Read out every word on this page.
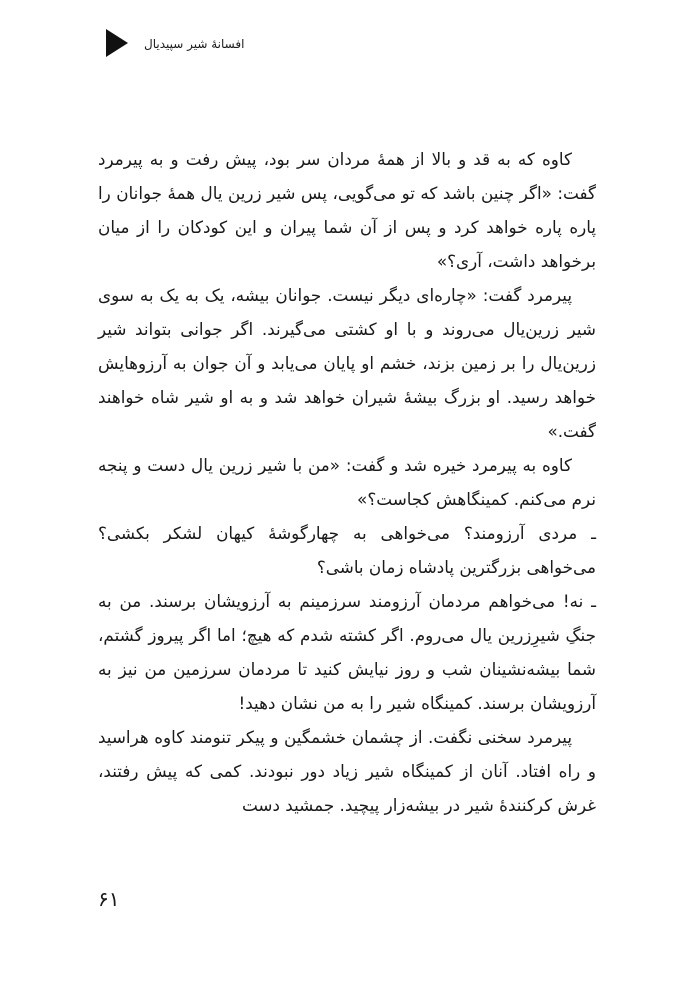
افسانهٔ شیر سپیدیال

کاوه که به قد و بالا از همهٔ مردان سر بود، پیش رفت و به پیرمرد گفت: «اگر چنین باشد که تو می‌گویی، پس شیر زرین یال همهٔ جوانان را پاره پاره خواهد کرد و پس از آن شما پیران و این کودکان را از میان برخواهد داشت، آری؟»

پیرمرد گفت: «چاره‌ای دیگر نیست. جوانان بیشه، یک به یک به سوی شیر زرین‌یال می‌روند و با او کشتی می‌گیرند. اگر جوانی بتواند شیر زرین‌یال را بر زمین بزند، خشم او پایان می‌یابد و آن جوان به آرزوهایش خواهد رسید. او بزرگ بیشهٔ شیران خواهد شد و به او شیر شاه خواهند گفت.»

کاوه به پیرمرد خیره شد و گفت: «من با شیر زرین یال دست و پنجه نرم می‌کنم. کمینگاهش کجاست؟»

ـ مردی آرزومند؟ می‌خواهی به چهارگوشهٔ کیهان لشکر بکشی؟ می‌خواهی بزرگترین پادشاه زمان باشی؟

ـ نه! می‌خواهم مردمان آرزومند سرزمینم به آرزویشان برسند. من به جنگِ شیرِزرین یال می‌روم. اگر کشته شدم که هیچ؛ اما اگر پیروز گشتم، شما بیشه‌نشینان شب و روز نیایش کنید تا مردمان سرزمین من نیز به آرزویشان برسند. کمینگاه شیر را به من نشان دهید!

پیرمرد سخنی نگفت. از چشمان خشمگین و پیکر تنومند کاوه هراسید و راه افتاد. آنان از کمینگاه شیر زیاد دور نبودند. کمی که پیش رفتند، غرش کرکنندهٔ شیر در بیشه‌زار پیچید. جمشید دست

۶۱
